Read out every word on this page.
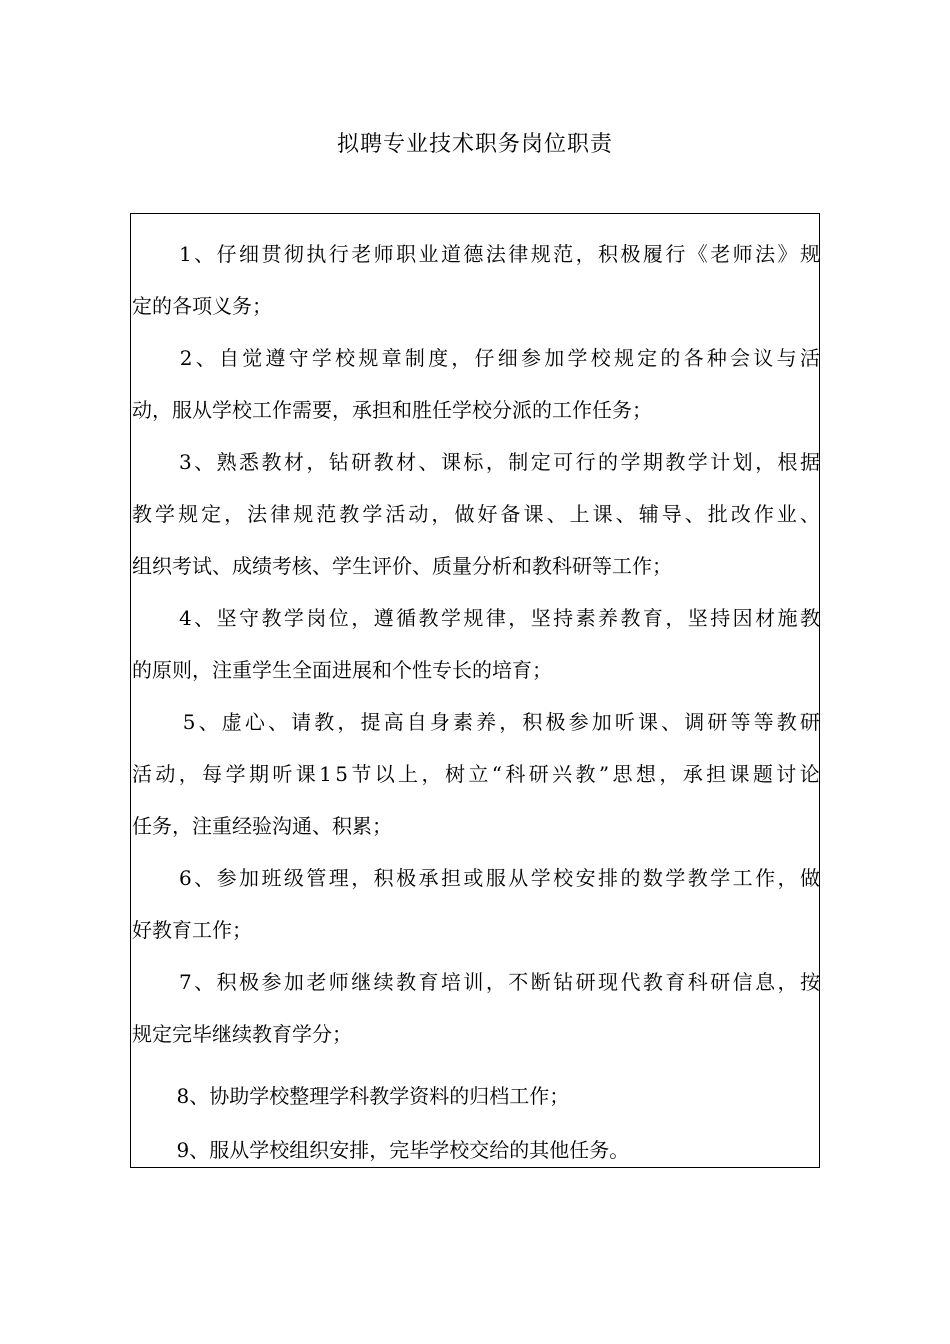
拟聘专业技术职务岗位职责

1 、 仔 细 贯 彻 执 行 老 师 职 业 道 德 法 律 规 范 ， 积 极 履 行 《 老 师 法 》 规
定的各项义务；

2 、 自 觉 遵 守 学 校 规 章 制 度 ， 仔 细 参 加 学 校 规 定 的 各 种 会 议 与 活
动，服从学校工作需要，承担和胜任学校分派的工作任务；

3 、 熟 悉 教 材 ， 钻 研 教 材 、 课 标 ， 制 定 可 行 的 学 期 教 学 计 划 ， 根 据
教 学 规 定 ， 法 律 规 范 教 学 活 动 ， 做 好 备 课 、 上 课 、 辅 导 、 批 改 作 业 、
组织考试、成绩考核、学生评价、质量分析和教科研等工作；

4 、 坚 守 教 学 岗 位 ， 遵 循 教 学 规 律 ， 坚 持 素 养 教 育 ， 坚 持 因 材 施 教
的原则，注重学生全面进展和个性专长的培育；

5 、 虚 心 、 请 教 ， 提 高 自 身 素 养 ， 积 极 参 加 听 课 、 调 研 等 等 教 研
活 动 ， 每 学 期 听 课 1 5 节 以 上 ， 树 立 “ 科 研 兴 教 ” 思 想 ， 承 担 课 题 讨 论
任务，注重经验沟通、积累；

6 、 参 加 班 级 管 理 ， 积 极 承 担 或 服 从 学 校 安 排 的 数 学 教 学 工 作 ， 做
好教育工作；

7 、 积 极 参 加 老 师 继 续 教 育 培 训 ， 不 断 钻 研 现 代 教 育 科 研 信 息 ， 按
规定完毕继续教育学分；
8、协助学校整理学科教学资料的归档工作；
9、服从学校组织安排，完毕学校交给的其他任务。
